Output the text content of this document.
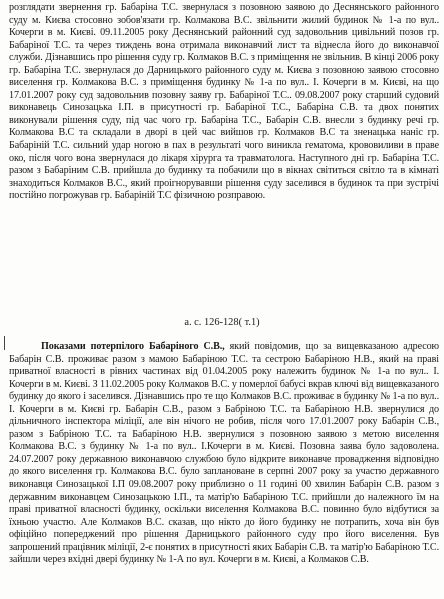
розглядати звернення гр. Бабаріна Т.С. звернулася з позовною заявою до Деснянського районного суду м. Києва стосовно зобов'язати гр. Колмакова В.С. звільнити жилий будинок № 1-а по вул.. Кочерги в м. Києві. 09.11.2005 року Деснянський районний суд задовольнив цивільний позов гр. Бабаріної Т.С. та через тиждень вона отримала виконавчий лист та віднесла його до виконавчої служби. Дізнавшись про рішення суду гр. Колмаков В.С. з приміщення не звільнив. В кінці 2006 року гр. Бабаріна Т.С. звернулася до Дарницького районного суду м. Києва з позовною заявою стосовно виселення гр. Колмакова В.С. з приміщення будинку № 1-а по вул.. І. Кочерги в м. Києві, на що 17.01.2007 року суд задовольнив позовну заяву гр. Бабаріної Т.С.. 09.08.2007 року старший судовий виконавець Синозацька І.П. в присутності гр. Бабаріної Т.С., Бабаріна С.В. та двох понятих виконували рішення суду, під час чого гр. Бабаріна Т.С., Бабарін С.В. внесли з будинку речі гр. Колмакова В.С та складали в дворі в цей час вийшов гр. Колмаков В.С та зненацька наніс гр. Бабаріній Т.С. сильний удар ногою в пах в результаті чого виникла гематома, крововиливи в праве око, після чого вона звернулася до лікаря хірурга та травматолога. Наступного дні гр. Бабаріна Т.С. разом з Бабаріним С.В. прийшла до будинку та побачили що в вікнах світиться світло та в кімнаті знаходиться Колмаков В.С., який проігнорувавши рішення суду заселився в будинок та при зустрічі постійно погрожував гр. Бабаріній Т.С фізичною розправою.

а. с. 126-128( т.1)

Показами потерпілого Бабаріного С.В., який повідомив, що за вищевказаною адресою Бабарін С.В. проживає разом з мамою Бабаріною Т.С. та сестрою Бабаріною Н.В., який на праві приватної власності в рівних частинах від 01.04.2005 року належить будинок № 1-а по вул.. І. Кочерги в м. Києві. З 11.02.2005 року Колмаков В.С. у померлої бабусі вкрав ключі від вищевказаного будинку до якого і заселився. Дізнавшись про те що Колмаков В.С. проживає в будинку № 1-а по вул.. І. Кочерги в м. Києві гр. Бабарін С.В., разом з Бабріною Т.С. та Бабаріною Н.В. звернулися до дільничного інспектора міліції, але він нічого не робив, після чого 17.01.2007 року Бабарін С.В., разом з Бабріною Т.С. та Бабаріною Н.В. звернулися з позовною заявою з метою виселення Колмакова В.С. з будинку № 1-а по вул.. І.Кочерги в м. Києві. Позовна заява було задоволена. 24.07.2007 року державною виконавчою службою було відкрите виконавче провадження відповідно до якого виселення гр. Колмакова В.С. було заплановане в серпні 2007 року за участю державного виконавця Синозацької І.П 09.08.2007 року приблизно о 11 годині 00 хвилин Бабарін С.В. разом з державним виконавцем Синозацькою І.П., та матір'ю Бабаріною Т.С. прийшли до належного їм на праві приватної власності будинку, оскільки виселення Колмакова В.С. повинно було відбутися за їхньою участю. Але Колмаков В.С. сказав, що нікто до його будинку не потрапить, хоча він був офіційно попереджений про рішення Дарницького районного суду про його виселення. Був запрошений працівник міліції, 2-є понятих в присутності яких Бабарін С.В. та матір'ю Бабаріною Т.С. зайшли через вхідні двері будинку № 1-А по вул. Кочерги в м. Києві, а Колмаков С.В.
